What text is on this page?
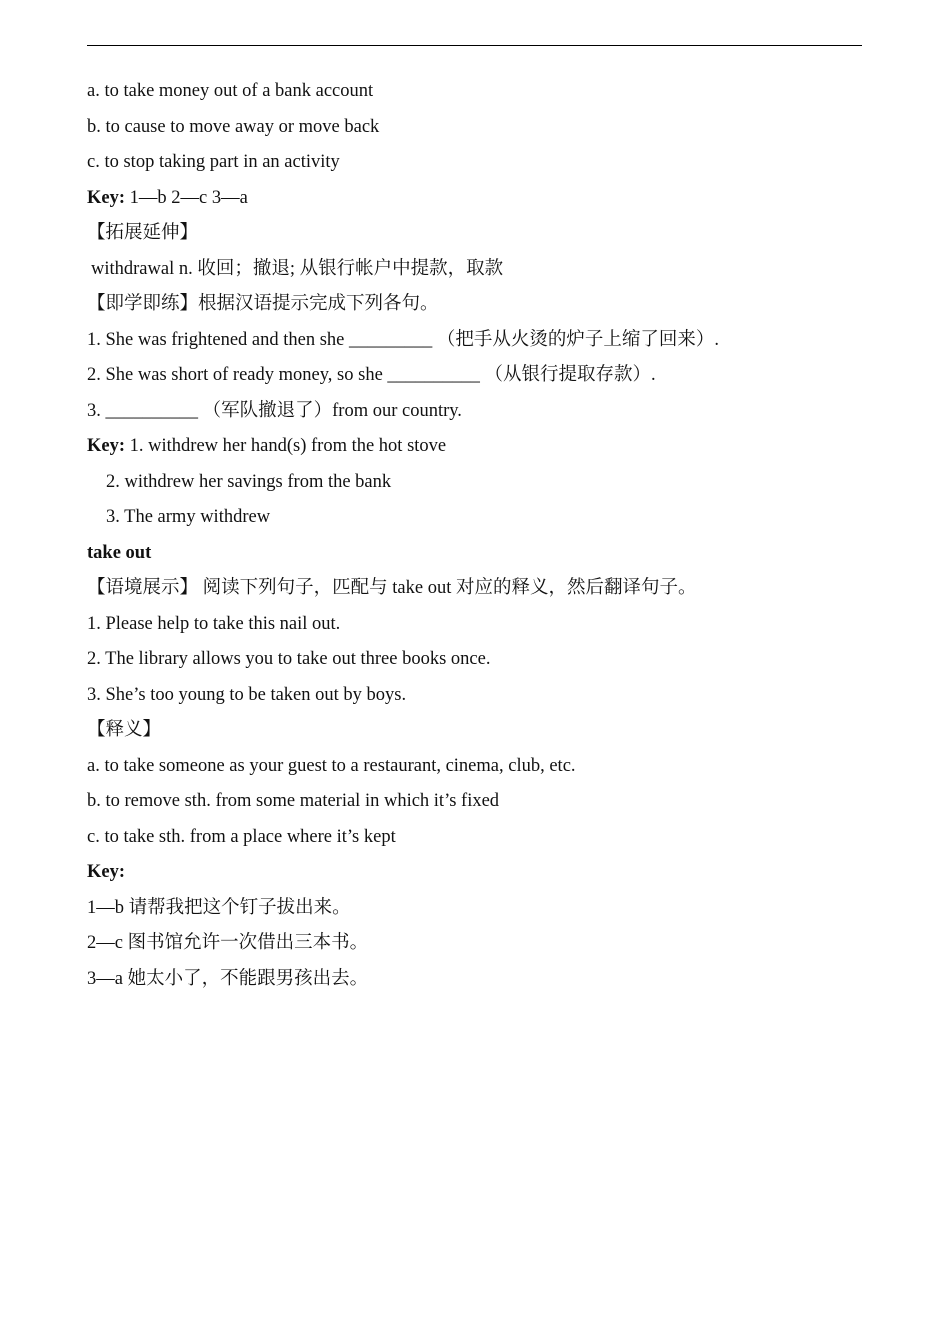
a. to take money out of a bank account
b. to cause to move away or move back
c. to stop taking part in an activity
Key: 1—b 2—c 3—a
【拓展延伸】
withdrawal n. 收回；撤退; 从银行帐户中提款，取款
【即学即练】根据汉语提示完成下列各句。
1. She was frightened and then she _________ （把手从火烫的炉子上缩了回来）.
2. She was short of ready money, so she __________ （从银行提取存款）.
3. __________ （军队撤退了）from our country.
Key: 1. withdrew her hand(s) from the hot stove
2. withdrew her savings from the bank
3. The army withdrew
take out
【语境展示】 阅读下列句子，匹配与 take out 对应的释义，然后翻译句子。
1. Please help to take this nail out.
2. The library allows you to take out three books once.
3. She’s too young to be taken out by boys.
【释义】
a. to take someone as your guest to a restaurant, cinema, club, etc.
b. to remove sth. from some material in which it’s fixed
c. to take sth. from a place where it’s kept
Key:
1—b 请帮我把这个钉子拔出来。
2—c 图书馆允许一次借出三本书。
3—a 她太小了，不能跟男孩出去。
